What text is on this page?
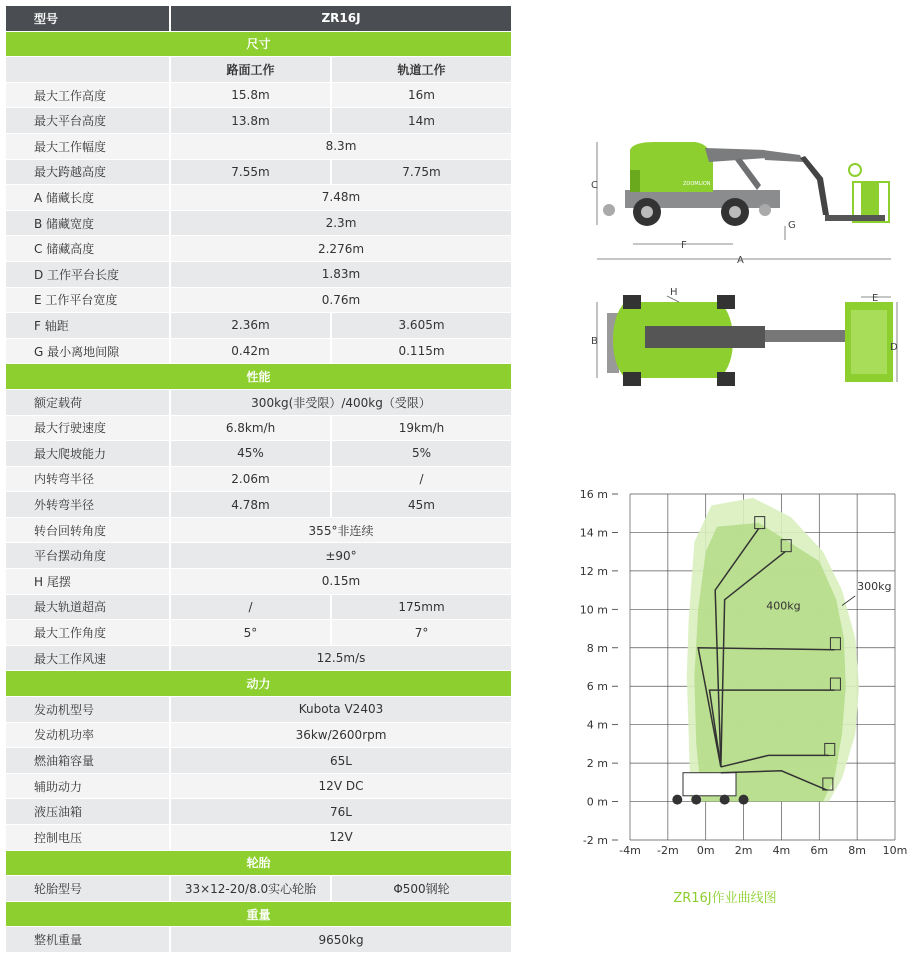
型号	ZR16J	
尺寸		
	路面工作	轨道工作
最大工作高度	15.8m	16m
最大平台高度	13.8m	14m
最大工作幅度	8.3m	
最大跨越高度	7.55m	7.75m
A 储藏长度	7.48m	
B 储藏宽度	2.3m	
C 储藏高度	2.276m	
D 工作平台长度	1.83m	
E 工作平台宽度	0.76m	
F 轴距	2.36m	3.605m
G 最小离地间隙	0.42m	0.115m
性能		
额定载荷	300kg(非受限）/400kg（受限）	
最大行驶速度	6.8km/h	19km/h
最大爬坡能力	45%	5%
内转弯半径	2.06m	/
外转弯半径	4.78m	45m
转台回转角度	355°非连续	
平台摆动角度	±90°	
H 尾摆	0.15m	
最大轨道超高	/	175mm
最大工作角度	5°	7°
最大工作风速	12.5m/s	
动力		
发动机型号	Kubota V2403	
发动机功率	36kw/2600rpm	
燃油箱容量	65L	
辅助动力	12V DC	
液压油箱	76L	
控制电压	12V	
轮胎		
轮胎型号	33×12-20/8.0实心轮胎	Φ500钢轮
重量		
整机重量	9650kg	
ZOOMLION
C
G
F
A
B
D
E
H
-4m -2m 0m 2m 4m 6m 8m 10m
-2 m
0 m
2 m
4 m
6 m
8 m
10 m
12 m
14 m
16 m
400kg
300kg
ZR16J作业曲线图
